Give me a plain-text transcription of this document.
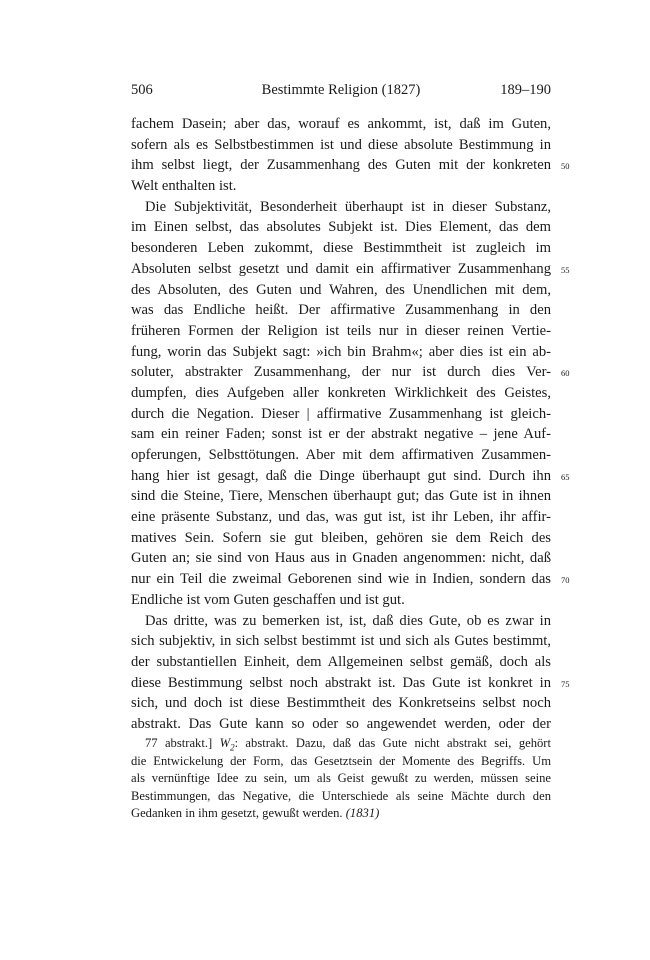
506	Bestimmte Religion (1827)	189–190
fachem Dasein; aber das, worauf es ankommt, ist, daß im Guten,
sofern als es Selbstbestimmen ist und diese absolute Bestimmung in
ihm selbst liegt, der Zusammenhang des Guten mit der konkreten 50
Welt enthalten ist.
Die Subjektivität, Besonderheit überhaupt ist in dieser Substanz,
im Einen selbst, das absolutes Subjekt ist. Dies Element, das dem
besonderen Leben zukommt, diese Bestimmtheit ist zugleich im
Absoluten selbst gesetzt und damit ein affirmativer Zusammenhang 55
des Absoluten, des Guten und Wahren, des Unendlichen mit dem,
was das Endliche heißt. Der affirmative Zusammenhang in den
früheren Formen der Religion ist teils nur in dieser reinen Vertie-
fung, worin das Subjekt sagt: »ich bin Brahm«; aber dies ist ein ab-
soluter, abstrakter Zusammenhang, der nur ist durch dies Ver- 60
dumpfen, dies Aufgeben aller konkreten Wirklichkeit des Geistes,
durch die Negation. Dieser | affirmative Zusammenhang ist gleich-
sam ein reiner Faden; sonst ist er der abstrakt negative – jene Auf-
opferungen, Selbsttötungen. Aber mit dem affirmativen Zusammen-
hang hier ist gesagt, daß die Dinge überhaupt gut sind. Durch ihn 65
sind die Steine, Tiere, Menschen überhaupt gut; das Gute ist in ihnen
eine präsente Substanz, und das, was gut ist, ist ihr Leben, ihr affir-
matives Sein. Sofern sie gut bleiben, gehören sie dem Reich des
Guten an; sie sind von Haus aus in Gnaden angenommen: nicht, daß
nur ein Teil die zweimal Geborenen sind wie in Indien, sondern das 70
Endliche ist vom Guten geschaffen und ist gut.
Das dritte, was zu bemerken ist, ist, daß dies Gute, ob es zwar in
sich subjektiv, in sich selbst bestimmt ist und sich als Gutes bestimmt,
der substantiellen Einheit, dem Allgemeinen selbst gemäß, doch als
diese Bestimmung selbst noch abstrakt ist. Das Gute ist konkret in 75
sich, und doch ist diese Bestimmtheit des Konkretseins selbst noch
abstrakt. Das Gute kann so oder so angewendet werden, oder der
77 abstrakt.] $W_2$: abstrakt. Dazu, daß das Gute nicht abstrakt sei, gehört
die Entwickelung der Form, das Gesetztsein der Momente des Begriffs. Um
als vernünftige Idee zu sein, um als Geist gewußt zu werden, müssen seine
Bestimmungen, das Negative, die Unterschiede als seine Mächte durch den
Gedanken in ihm gesetzt, gewußt werden. (1831)
